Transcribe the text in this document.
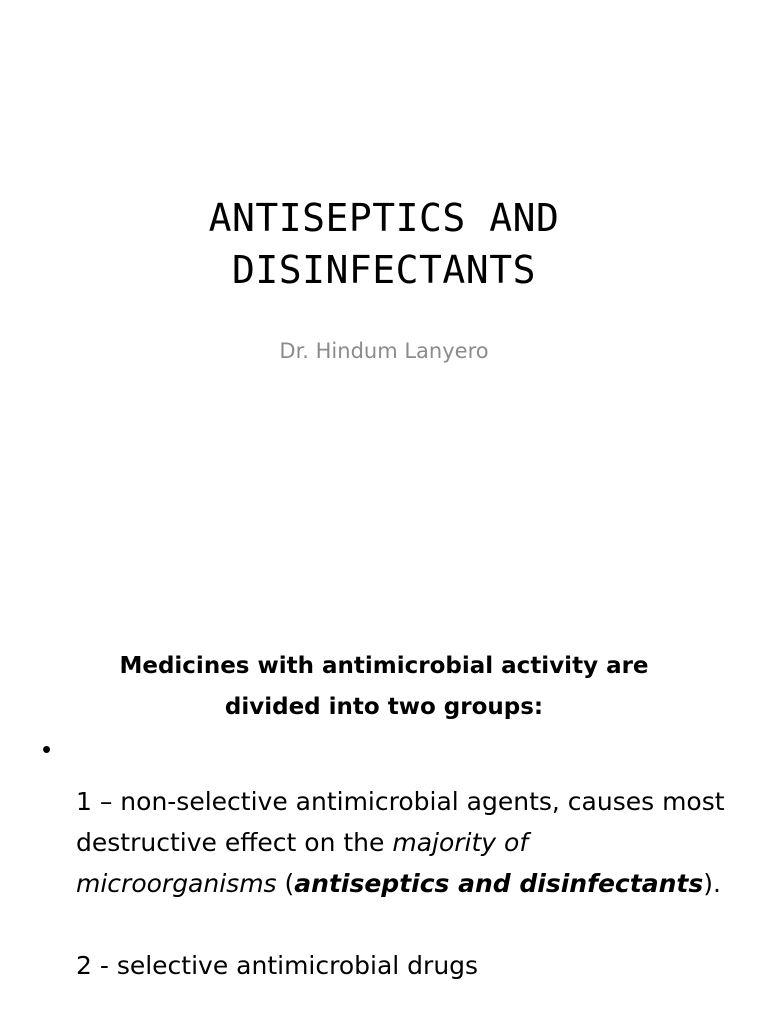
ANTISEPTICS AND
DISINFECTANTS
Dr. Hindum Lanyero
Medicines with antimicrobial activity are
divided into two groups:
•

1 – non-selective antimicrobial agents, causes most destructive effect on the majority of microorganisms (antiseptics and disinfectants).

2 - selective antimicrobial drugs
